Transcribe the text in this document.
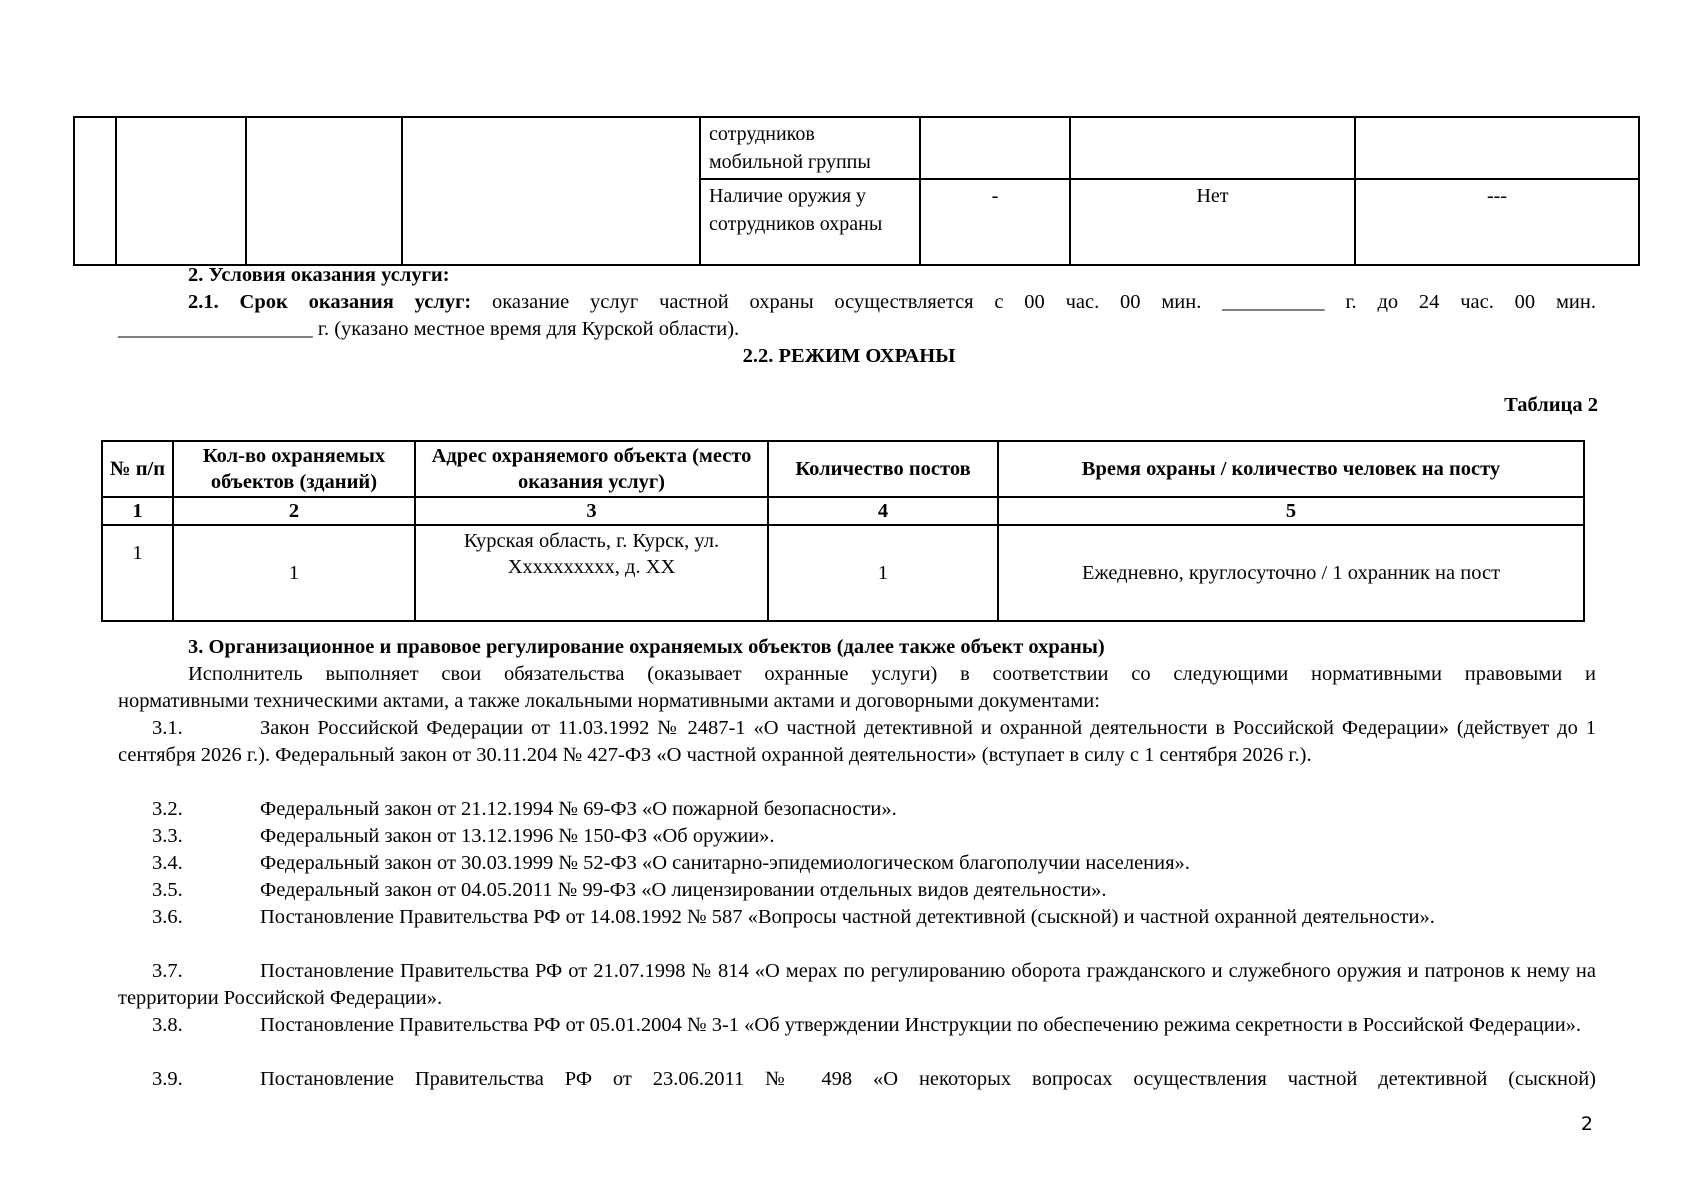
				сотрудников мобильной группы			
				Наличие оружия у сотрудников охраны	-	Нет	---
2. Условия оказания услуги:
2.1. Срок оказания услуг: оказание услуг частной охраны осуществляется с 00 час. 00 мин. __________ г. до 24 час. 00 мин.
___________________ г. (указано местное время для Курской области).
2.2. РЕЖИМ ОХРАНЫ
Таблица 2
№ п/п	Кол-во охраняемых объектов (зданий)	Адрес охраняемого объекта (место оказания услуг)	Количество постов	Время охраны / количество человек на посту
1	2	3	4	5
1	1	Курская область, г. Курск, ул. Хххххххххх, д. ХХ	1	Ежедневно, круглосуточно / 1 охранник на пост
3. Организационное и правовое регулирование охраняемых объектов (далее также объект охраны)
Исполнитель выполняет свои обязательства (оказывает охранные услуги) в соответствии со следующими нормативными правовыми и
нормативными техническими актами, а также локальными нормативными актами и договорными документами:
3.1.	Закон Российской Федерации от 11.03.1992 № 2487-1 «О частной детективной и охранной деятельности в Российской Федерации» (действует до 1 сентября 2026 г.). Федеральный закон от 30.11.204 № 427-ФЗ «О частной охранной деятельности» (вступает в силу с 1 сентября 2026 г.).
3.2.	Федеральный закон от 21.12.1994 № 69-ФЗ «О пожарной безопасности».
3.3.	Федеральный закон от 13.12.1996 № 150-ФЗ «Об оружии».
3.4.	Федеральный закон от 30.03.1999 № 52-ФЗ «О санитарно-эпидемиологическом благополучии населения».
3.5.	Федеральный закон от 04.05.2011 № 99-ФЗ «О лицензировании отдельных видов деятельности».
3.6.	Постановление Правительства РФ от 14.08.1992 № 587 «Вопросы частной детективной (сыскной) и частной охранной деятельности».
3.7.	Постановление Правительства РФ от 21.07.1998 № 814 «О мерах по регулированию оборота гражданского и служебного оружия и патронов к нему на территории Российской Федерации».
3.8.	Постановление Правительства РФ от 05.01.2004 № 3-1 «Об утверждении Инструкции по обеспечению режима секретности в Российской Федерации».
3.9.	Постановление Правительства РФ от 23.06.2011 № 498 «О некоторых вопросах осуществления частной детективной (сыскной)
2
